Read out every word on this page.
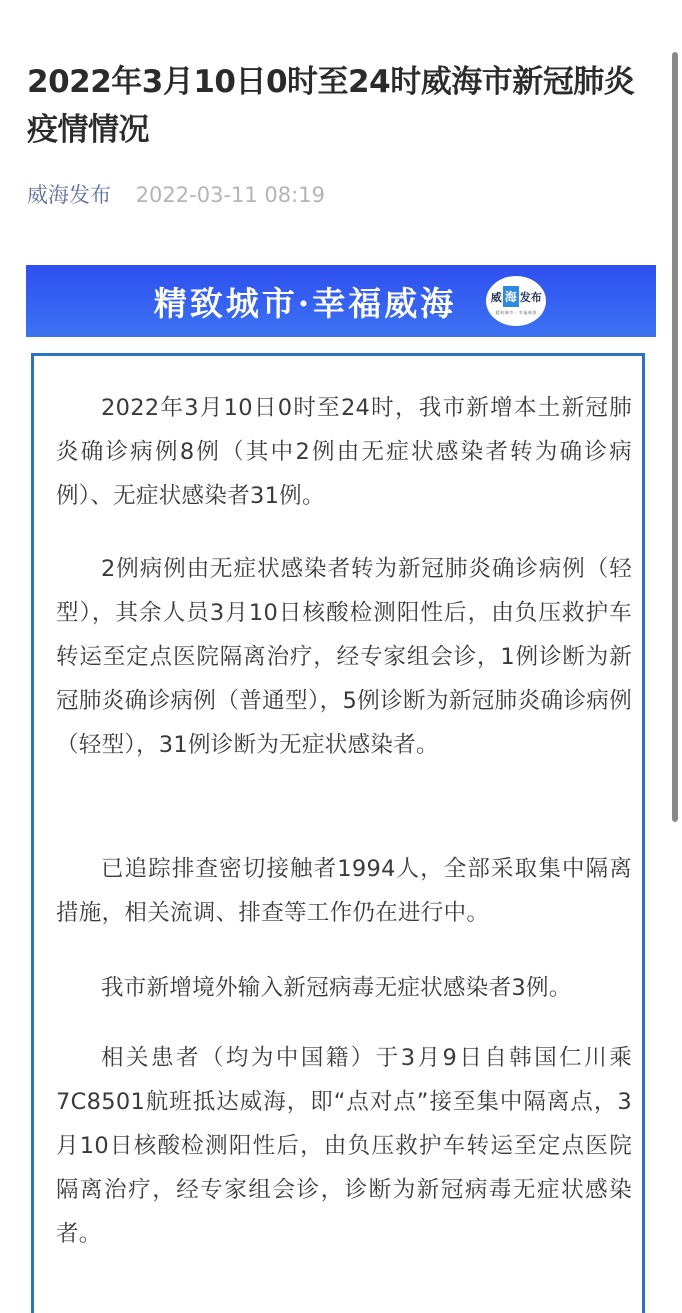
2022年3月10日0时至24时威海市新冠肺炎疫情情况
威海发布 2022-03-11 08:19
精致城市·幸福威海	威 海 发布
精致城市 · 幸福威海

2022年3月10日0时至24时，我市新增本土新冠肺炎确诊病例8例（其中2例由无症状感染者转为确诊病例）、无症状感染者31例。

2例病例由无症状感染者转为新冠肺炎确诊病例（轻型），其余人员3月10日核酸检测阳性后，由负压救护车转运至定点医院隔离治疗，经专家组会诊，1例诊断为新冠肺炎确诊病例（普通型），5例诊断为新冠肺炎确诊病例（轻型），31例诊断为无症状感染者。

已追踪排查密切接触者1994人，全部采取集中隔离措施，相关流调、排查等工作仍在进行中。

我市新增境外输入新冠病毒无症状感染者3例。

相关患者（均为中国籍）于3月9日自韩国仁川乘7C8501航班抵达威海，即“点对点”接至集中隔离点，3月10日核酸检测阳性后，由负压救护车转运至定点医院隔离治疗，经专家组会诊，诊断为新冠病毒无症状感染者。
